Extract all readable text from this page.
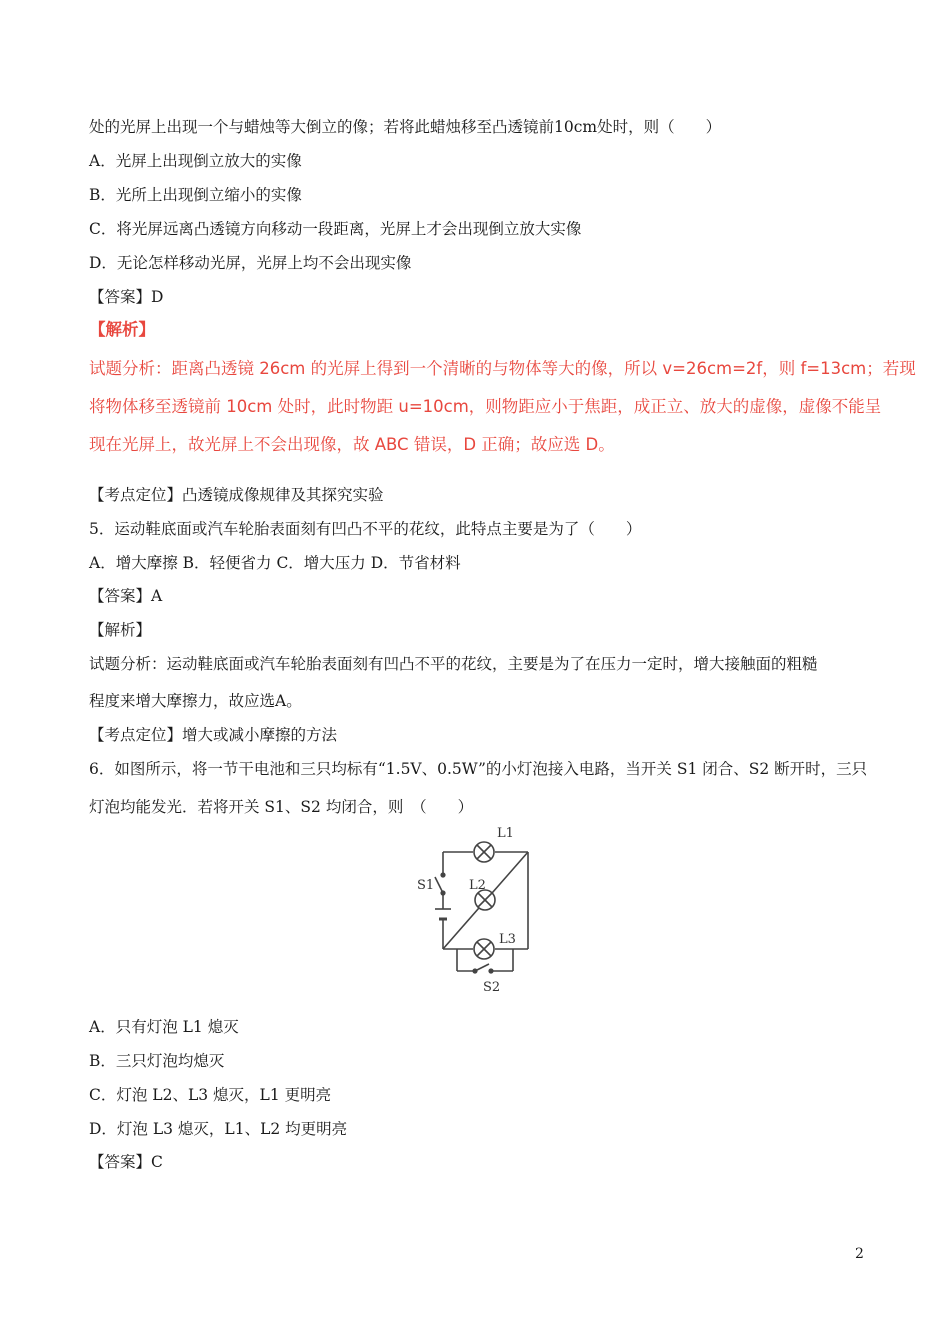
处的光屏上出现一个与蜡烛等大倒立的像；若将此蜡烛移至凸透镜前10cm处时，则（　　）
A．光屏上出现倒立放大的实像
B．光所上出现倒立缩小的实像
C．将光屏远离凸透镜方向移动一段距离，光屏上才会出现倒立放大实像
D．无论怎样移动光屏，光屏上均不会出现实像
【答案】D
【解析】
试题分析：距离凸透镜 26cm 的光屏上得到一个清晰的与物体等大的像，所以 v=26cm=2f，则 f=13cm；若现
将物体移至透镜前 10cm 处时，此时物距 u=10cm，则物距应小于焦距，成正立、放大的虚像，虚像不能呈
现在光屏上，故光屏上不会出现像，故 ABC 错误，D 正确；故应选 D。
【考点定位】凸透镜成像规律及其探究实验
5．运动鞋底面或汽车轮胎表面刻有凹凸不平的花纹，此特点主要是为了（　　）
A．增大摩擦 B．轻便省力 C．增大压力 D．节省材料
【答案】A
【解析】
试题分析：运动鞋底面或汽车轮胎表面刻有凹凸不平的花纹，主要是为了在压力一定时，增大接触面的粗糙
程度来增大摩擦力，故应选A。
【考点定位】增大或减小摩擦的方法
6．如图所示，将一节干电池和三只均标有“1.5V、0.5W”的小灯泡接入电路，当开关 S1 闭合、S2 断开时，三只
灯泡均能发光．若将开关 S1、S2 均闭合，则　（　　）
L1
L2
L3
S1
S2
A．只有灯泡 L1 熄灭
B．三只灯泡均熄灭
C．灯泡 L2、L3 熄灭，L1 更明亮
D．灯泡 L3 熄灭，L1、L2 均更明亮
【答案】C
2
